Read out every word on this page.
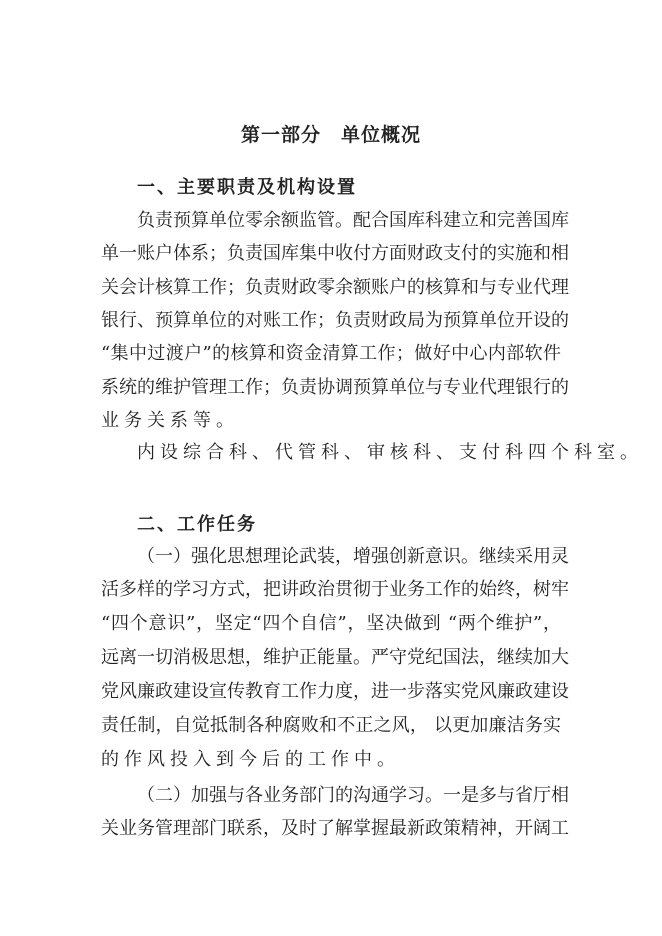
第一部分　单位概况
一、主要职责及机构设置
负责预算单位零余额监管。配合国库科建立和完善国库
单一账户体系；负责国库集中收付方面财政支付的实施和相
关会计核算工作；负责财政零余额账户的核算和与专业代理
银行、预算单位的对账工作；负责财政局为预算单位开设的
“集中过渡户”的核算和资金清算工作；做好中心内部软件
系统的维护管理工作；负责协调预算单位与专业代理银行的
业务关系等。
内设综合科、代管科、审核科、支付科四个科室。
二、工作任务
（一）强化思想理论武装，增强创新意识。继续采用灵
活多样的学习方式，把讲政治贯彻于业务工作的始终，树牢
“四个意识”，坚定“四个自信”，坚决做到 “两个维护”，
远离一切消极思想，维护正能量。严守党纪国法，继续加大
党风廉政建设宣传教育工作力度，进一步落实党风廉政建设
责任制，自觉抵制各种腐败和不正之风， 以更加廉洁务实
的作风投入到今后的工作中。
（二）加强与各业务部门的沟通学习。一是多与省厅相
关业务管理部门联系，及时了解掌握最新政策精神，开阔工
